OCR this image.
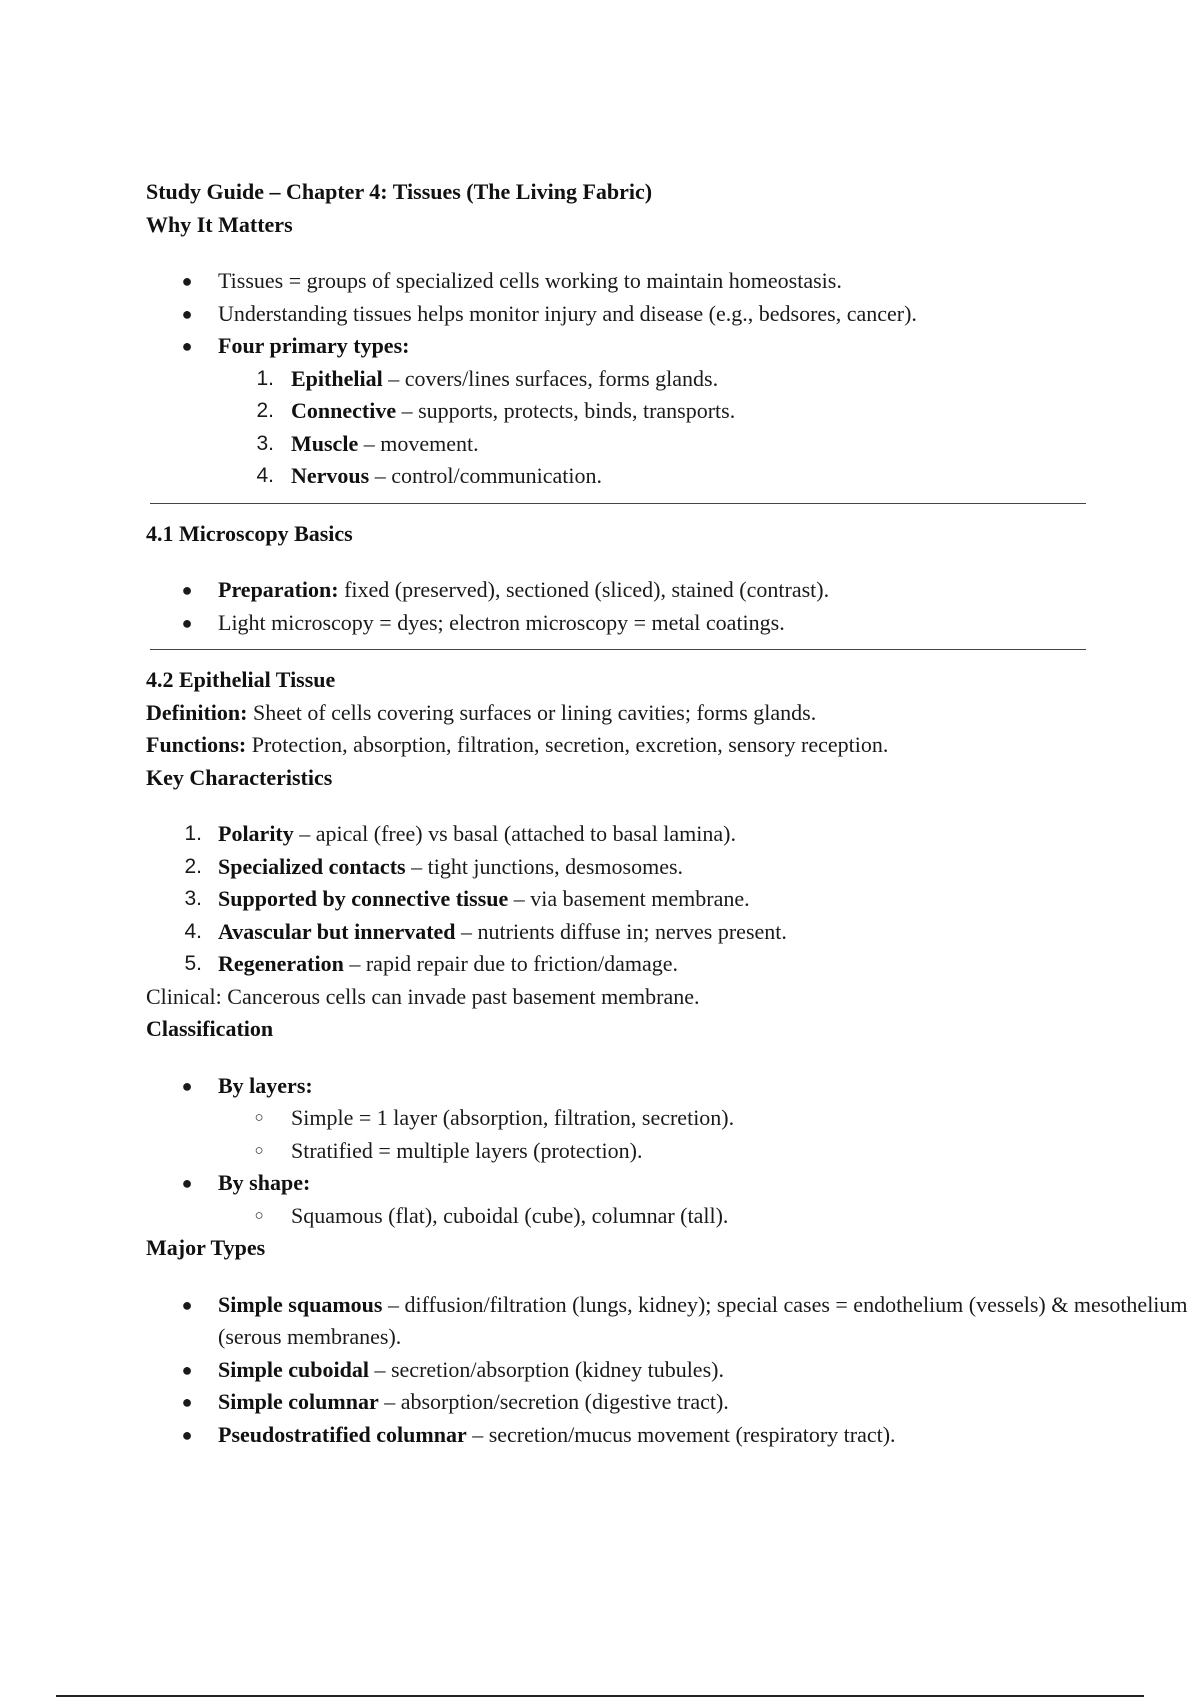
Study Guide – Chapter 4: Tissues (The Living Fabric)
Why It Matters
● Tissues = groups of specialized cells working to maintain homeostasis.
● Understanding tissues helps monitor injury and disease (e.g., bedsores, cancer).
● Four primary types:
1. Epithelial – covers/lines surfaces, forms glands.
2. Connective – supports, protects, binds, transports.
3. Muscle – movement.
4. Nervous – control/communication.
4.1 Microscopy Basics
● Preparation: fixed (preserved), sectioned (sliced), stained (contrast).
● Light microscopy = dyes; electron microscopy = metal coatings.
4.2 Epithelial Tissue
Definition: Sheet of cells covering surfaces or lining cavities; forms glands.
Functions: Protection, absorption, filtration, secretion, excretion, sensory reception.
Key Characteristics
1. Polarity – apical (free) vs basal (attached to basal lamina).
2. Specialized contacts – tight junctions, desmosomes.
3. Supported by connective tissue – via basement membrane.
4. Avascular but innervated – nutrients diffuse in; nerves present.
5. Regeneration – rapid repair due to friction/damage.
Clinical: Cancerous cells can invade past basement membrane.
Classification
● By layers:
○ Simple = 1 layer (absorption, filtration, secretion).
○ Stratified = multiple layers (protection).
● By shape:
○ Squamous (flat), cuboidal (cube), columnar (tall).
Major Types
● Simple squamous – diffusion/filtration (lungs, kidney); special cases = endothelium (vessels) & mesothelium (serous membranes).
● Simple cuboidal – secretion/absorption (kidney tubules).
● Simple columnar – absorption/secretion (digestive tract).
● Pseudostratified columnar – secretion/mucus movement (respiratory tract).
